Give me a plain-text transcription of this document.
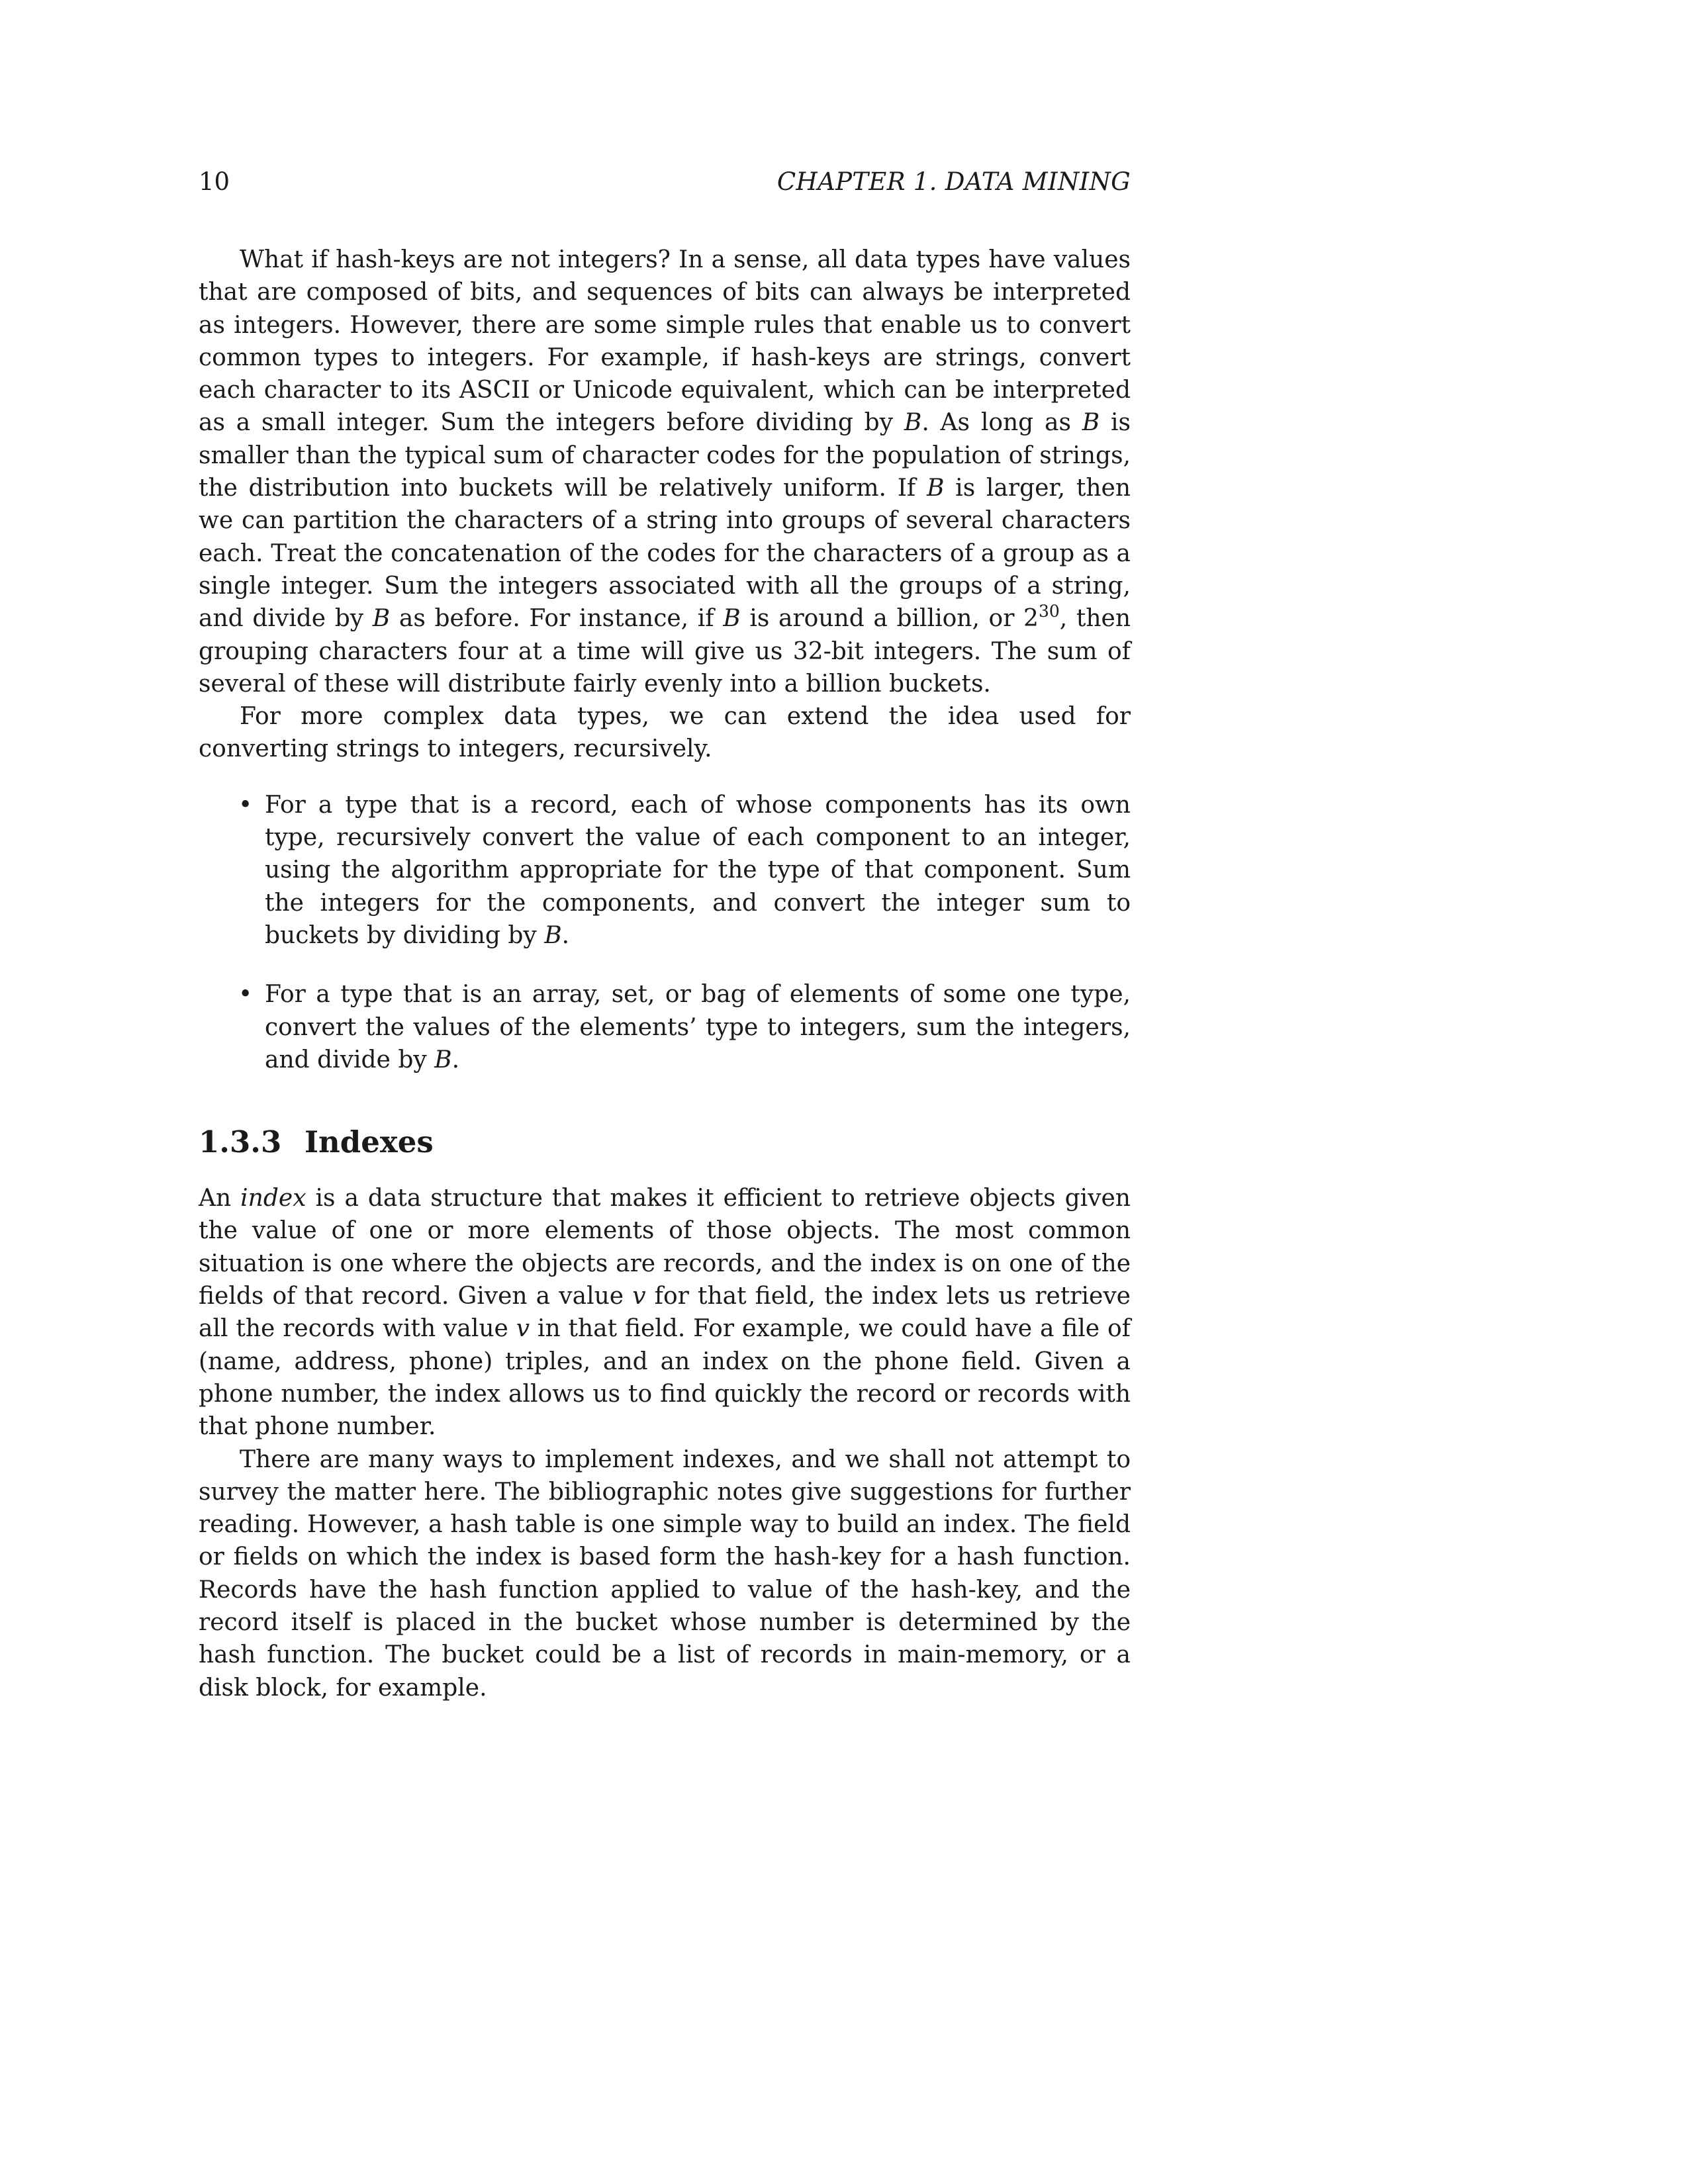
10	CHAPTER 1. DATA MINING

What if hash-keys are not integers? In a sense, all data types have values that are composed of bits, and sequences of bits can always be interpreted as integers. However, there are some simple rules that enable us to convert common types to integers. For example, if hash-keys are strings, convert each character to its ASCII or Unicode equivalent, which can be interpreted as a small integer. Sum the integers before dividing by B. As long as B is smaller than the typical sum of character codes for the population of strings, the distribution into buckets will be relatively uniform. If B is larger, then we can partition the characters of a string into groups of several characters each. Treat the concatenation of the codes for the characters of a group as a single integer. Sum the integers associated with all the groups of a string, and divide by B as before. For instance, if B is around a billion, or $2^{30}$, then grouping characters four at a time will give us 32-bit integers. The sum of several of these will distribute fairly evenly into a billion buckets.

For more complex data types, we can extend the idea used for converting strings to integers, recursively.

• For a type that is a record, each of whose components has its own type, recursively convert the value of each component to an integer, using the algorithm appropriate for the type of that component. Sum the integers for the components, and convert the integer sum to buckets by dividing by B.

• For a type that is an array, set, or bag of elements of some one type, convert the values of the elements’ type to integers, sum the integers, and divide by B.

1.3.3 Indexes

An index is a data structure that makes it efficient to retrieve objects given the value of one or more elements of those objects. The most common situation is one where the objects are records, and the index is on one of the fields of that record. Given a value v for that field, the index lets us retrieve all the records with value v in that field. For example, we could have a file of (name, address, phone) triples, and an index on the phone field. Given a phone number, the index allows us to find quickly the record or records with that phone number.

There are many ways to implement indexes, and we shall not attempt to survey the matter here. The bibliographic notes give suggestions for further reading. However, a hash table is one simple way to build an index. The field or fields on which the index is based form the hash-key for a hash function. Records have the hash function applied to value of the hash-key, and the record itself is placed in the bucket whose number is determined by the hash function. The bucket could be a list of records in main-memory, or a disk block, for example.
